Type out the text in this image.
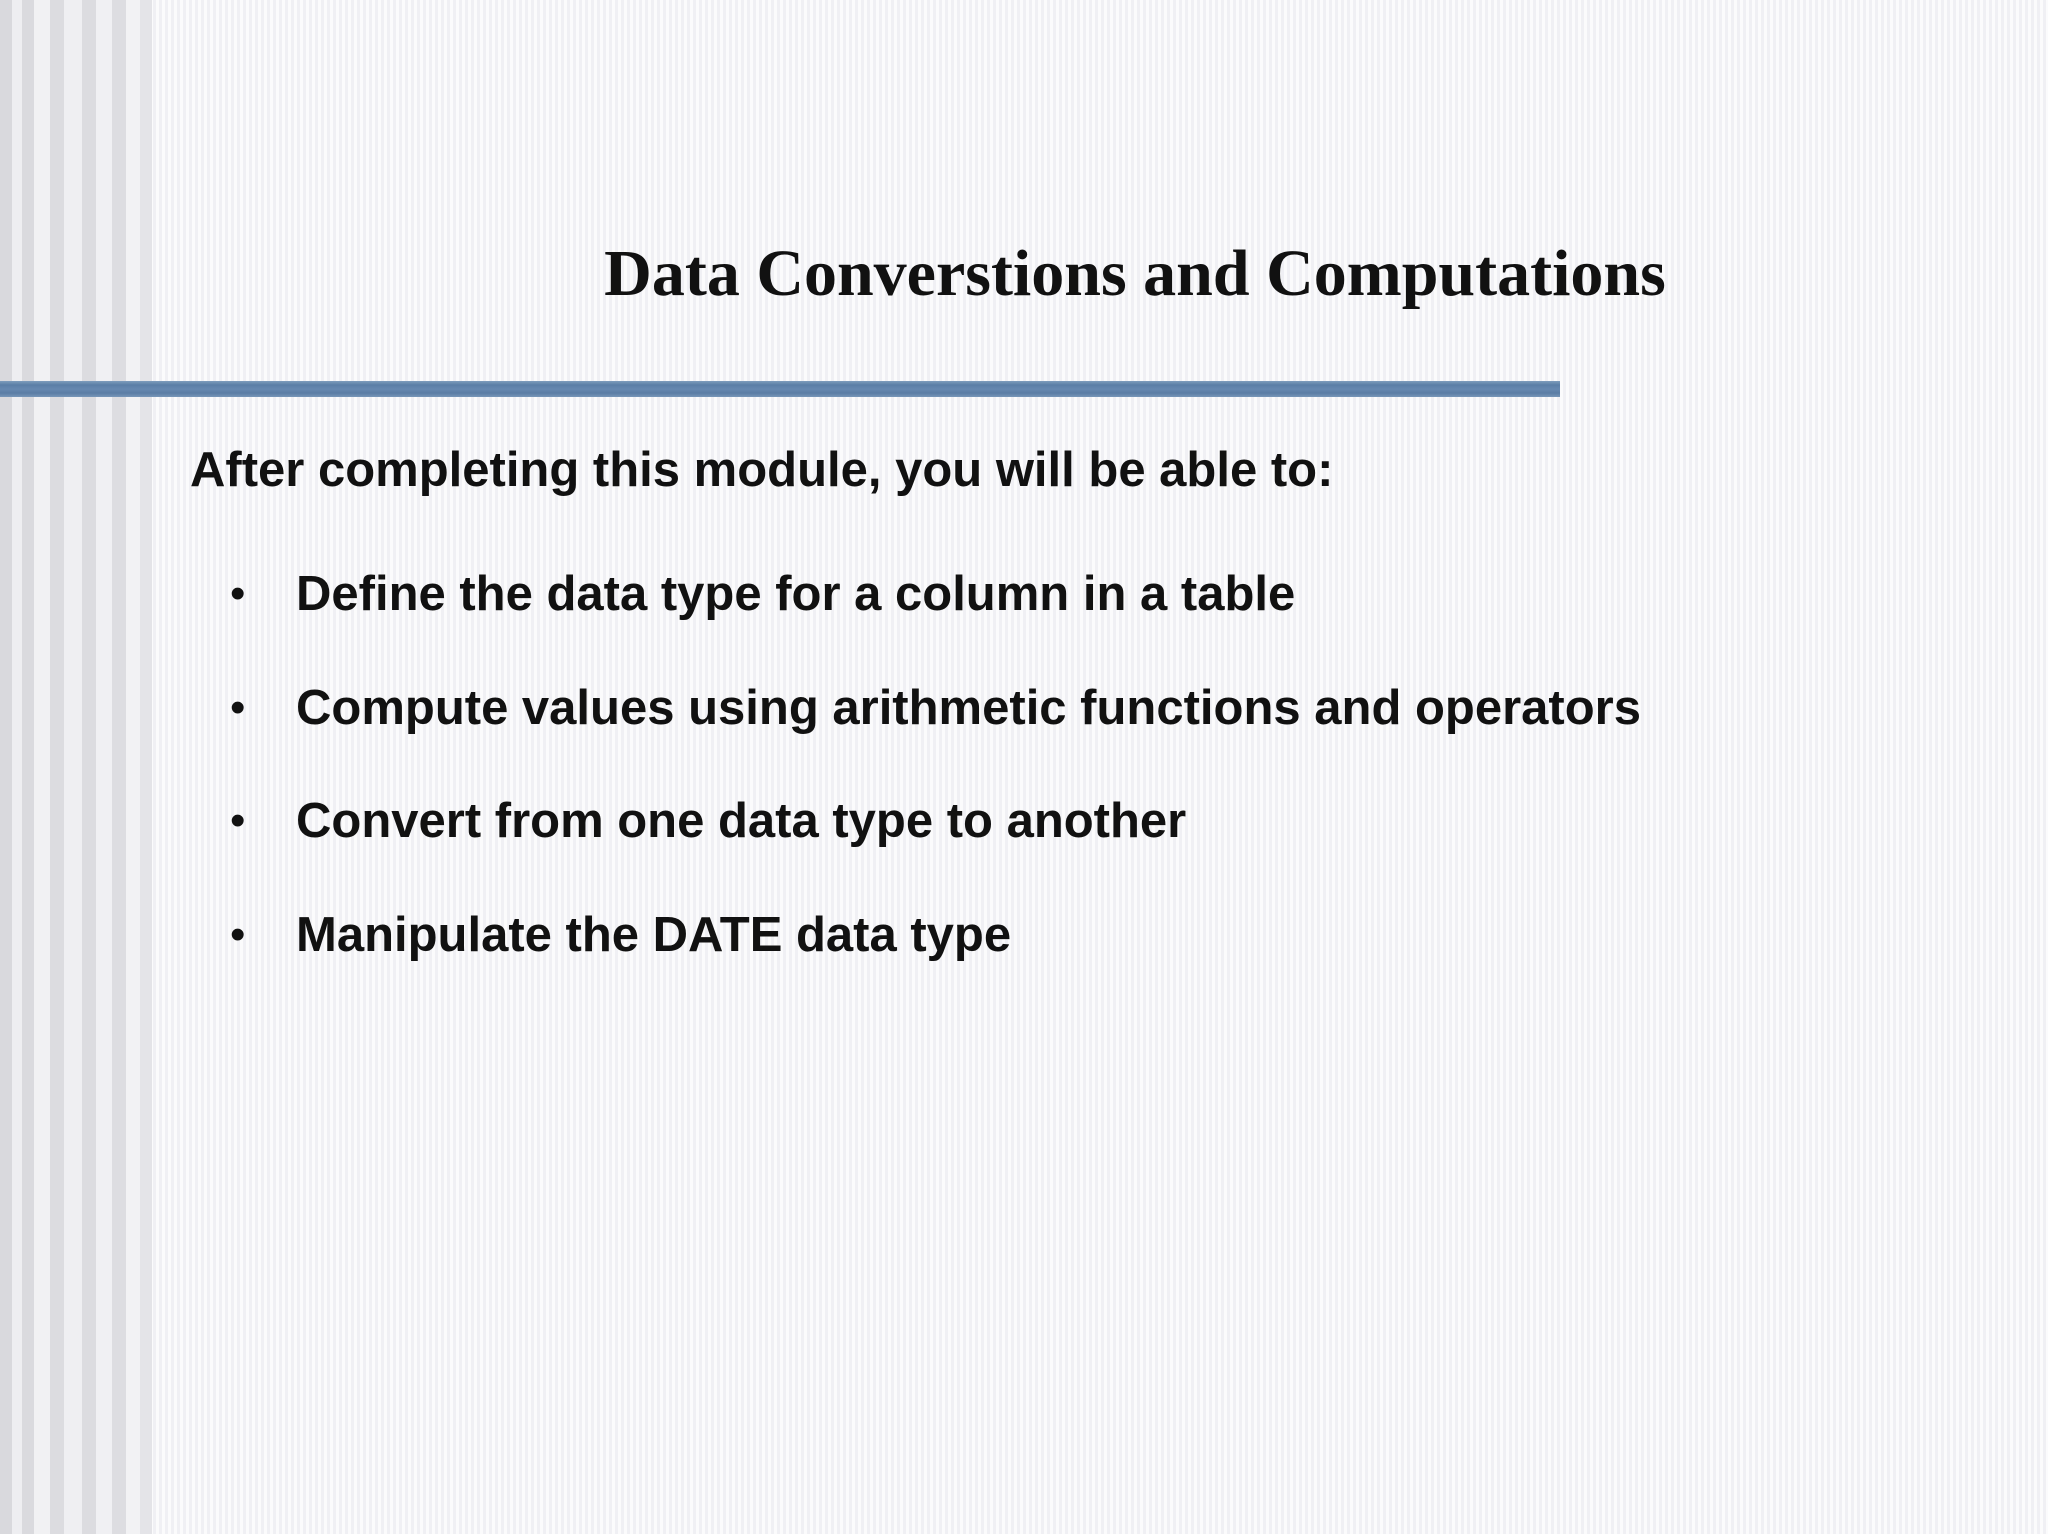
Data Converstions and Computations

After completing this module, you will be able to:

•	Define the data type for a column in a table
•	Compute values using arithmetic functions and operators
•	Convert from one data type to another
•	Manipulate the DATE data type
